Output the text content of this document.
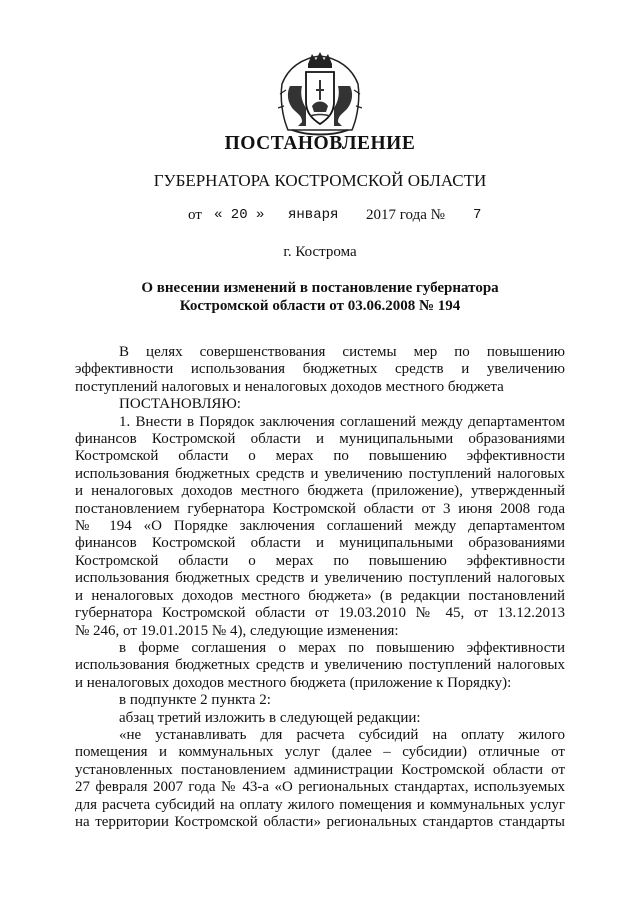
ПОСТАНОВЛЕНИЕ
ГУБЕРНАТОРА КОСТРОМСКОЙ ОБЛАСТИ
от « 20 » января 2017 года № 7
г. Кострома
О внесении изменений в постановление губернатора
Костромской области от 03.06.2008 № 194
В целях совершенствования системы мер по повышению
эффективности использования бюджетных средств и увеличению
поступлений налоговых и неналоговых доходов местного бюджета
ПОСТАНОВЛЯЮ:
1. Внести в Порядок заключения соглашений между департаментом
финансов Костромской области и муниципальными образованиями
Костромской области о мерах по повышению эффективности
использования бюджетных средств и увеличению поступлений налоговых
и неналоговых доходов местного бюджета (приложение), утвержденный
постановлением губернатора Костромской области от 3 июня 2008 года
№ 194 «О Порядке заключения соглашений между департаментом
финансов Костромской области и муниципальными образованиями
Костромской области о мерах по повышению эффективности
использования бюджетных средств и увеличению поступлений налоговых
и неналоговых доходов местного бюджета» (в редакции постановлений
губернатора Костромской области от 19.03.2010 № 45, от 13.12.2013
№ 246, от 19.01.2015 № 4), следующие изменения:
в форме соглашения о мерах по повышению эффективности
использования бюджетных средств и увеличению поступлений налоговых
и неналоговых доходов местного бюджета (приложение к Порядку):
в подпункте 2 пункта 2:
абзац третий изложить в следующей редакции:
«не устанавливать для расчета субсидий на оплату жилого
помещения и коммунальных услуг (далее – субсидии) отличные от
установленных постановлением администрации Костромской области от
27 февраля 2007 года № 43-а «О региональных стандартах, используемых
для расчета субсидий на оплату жилого помещения и коммунальных услуг
на территории Костромской области» региональных стандартов стандарты
